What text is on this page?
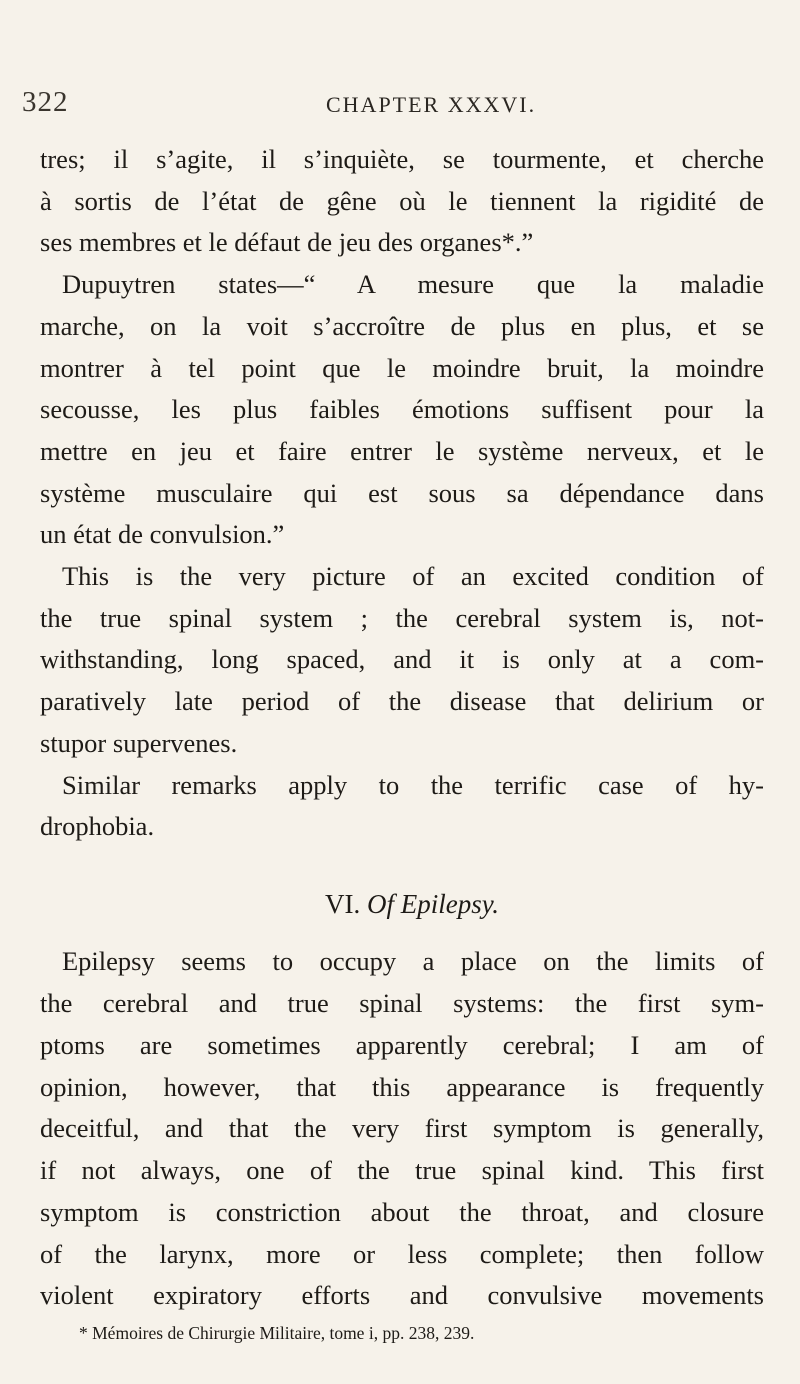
322	CHAPTER XXXVI.
tres; il s’agite, il s’inquiète, se tourmente, et cherche
à sortis de l’état de gêne où le tiennent la rigidité de
ses membres et le défaut de jeu des organes*.”
Dupuytren states—“ A mesure que la maladie
marche, on la voit s’accroître de plus en plus, et se
montrer à tel point que le moindre bruit, la moindre
secousse, les plus faibles émotions suffisent pour la
mettre en jeu et faire entrer le système nerveux, et le
système musculaire qui est sous sa dépendance dans
un état de convulsion.”
This is the very picture of an excited condition of
the true spinal system ; the cerebral system is, not-
withstanding, long spaced, and it is only at a com-
paratively late period of the disease that delirium or
stupor supervenes.
Similar remarks apply to the terrific case of hy-
drophobia.
VI. Of Epilepsy.
Epilepsy seems to occupy a place on the limits of
the cerebral and true spinal systems: the first sym-
ptoms are sometimes apparently cerebral; I am of
opinion, however, that this appearance is frequently
deceitful, and that the very first symptom is generally,
if not always, one of the true spinal kind. This first
symptom is constriction about the throat, and closure
of the larynx, more or less complete; then follow
violent expiratory efforts and convulsive movements
* Mémoires de Chirurgie Militaire, tome i, pp. 238, 239.
